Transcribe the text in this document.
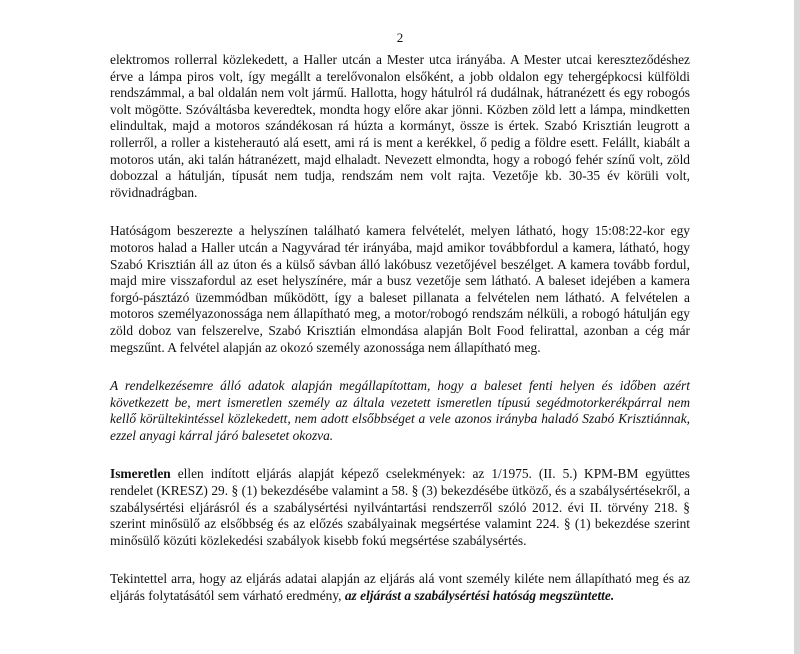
2

elektromos rollerral közlekedett, a Haller utcán a Mester utca irányába. A Mester utcai kereszteződéshez érve a lámpa piros volt, így megállt a terelővonalon elsőként, a jobb oldalon egy tehergépkocsi külföldi rendszámmal, a bal oldalán nem volt jármű. Hallotta, hogy hátulról rá dudálnak, hátranézett és egy robogós volt mögötte. Szóváltásba keveredtek, mondta hogy előre akar jönni. Közben zöld lett a lámpa, mindketten elindultak, majd a motoros szándékosan rá húzta a kormányt, össze is értek. Szabó Krisztián leugrott a rollerről, a roller a kisteherautó alá esett, ami rá is ment a kerékkel, ő pedig a földre esett. Felállt, kiabált a motoros után, aki talán hátranézett, majd elhaladt. Nevezett elmondta, hogy a robogó fehér színű volt, zöld dobozzal a hátulján, típusát nem tudja, rendszám nem volt rajta. Vezetője kb. 30-35 év körüli volt, rövidnadrágban.

Hatóságom beszerezte a helyszínen található kamera felvételét, melyen látható, hogy 15:08:22-kor egy motoros halad a Haller utcán a Nagyvárad tér irányába, majd amikor továbbfordul a kamera, látható, hogy Szabó Krisztián áll az úton és a külső sávban álló lakóbusz vezetőjével beszélget. A kamera tovább fordul, majd mire visszafordul az eset helyszínére, már a busz vezetője sem látható. A baleset idejében a kamera forgó-pásztázó üzemmódban működött, így a baleset pillanata a felvételen nem látható. A felvételen a motoros személyazonossága nem állapítható meg, a motor/robogó rendszám nélküli, a robogó hátulján egy zöld doboz van felszerelve, Szabó Krisztián elmondása alapján Bolt Food felirattal, azonban a cég már megszűnt. A felvétel alapján az okozó személy azonossága nem állapítható meg.

A rendelkezésemre álló adatok alapján megállapítottam, hogy a baleset fenti helyen és időben azért következett be, mert ismeretlen személy az általa vezetett ismeretlen típusú segédmotorkerékpárral nem kellő körültekintéssel közlekedett, nem adott elsőbbséget a vele azonos irányba haladó Szabó Krisztiánnak, ezzel anyagi kárral járó balesetet okozva.

Ismeretlen ellen indított eljárás alapját képező cselekmények: az 1/1975. (II. 5.) KPM-BM együttes rendelet (KRESZ) 29. § (1) bekezdésébe valamint a 58. § (3) bekezdésébe ütköző, és a szabálysértésekről, a szabálysértési eljárásról és a szabálysértési nyilvántartási rendszerről szóló 2012. évi II. törvény 218. § szerint minősülő az elsőbbség és az előzés szabályainak megsértése valamint 224. § (1) bekezdése szerint minősülő közúti közlekedési szabályok kisebb fokú megsértése szabálysértés.

Tekintettel arra, hogy az eljárás adatai alapján az eljárás alá vont személy kiléte nem állapítható meg és az eljárás folytatásától sem várható eredmény, az eljárást a szabálysértési hatóság megszüntette.
